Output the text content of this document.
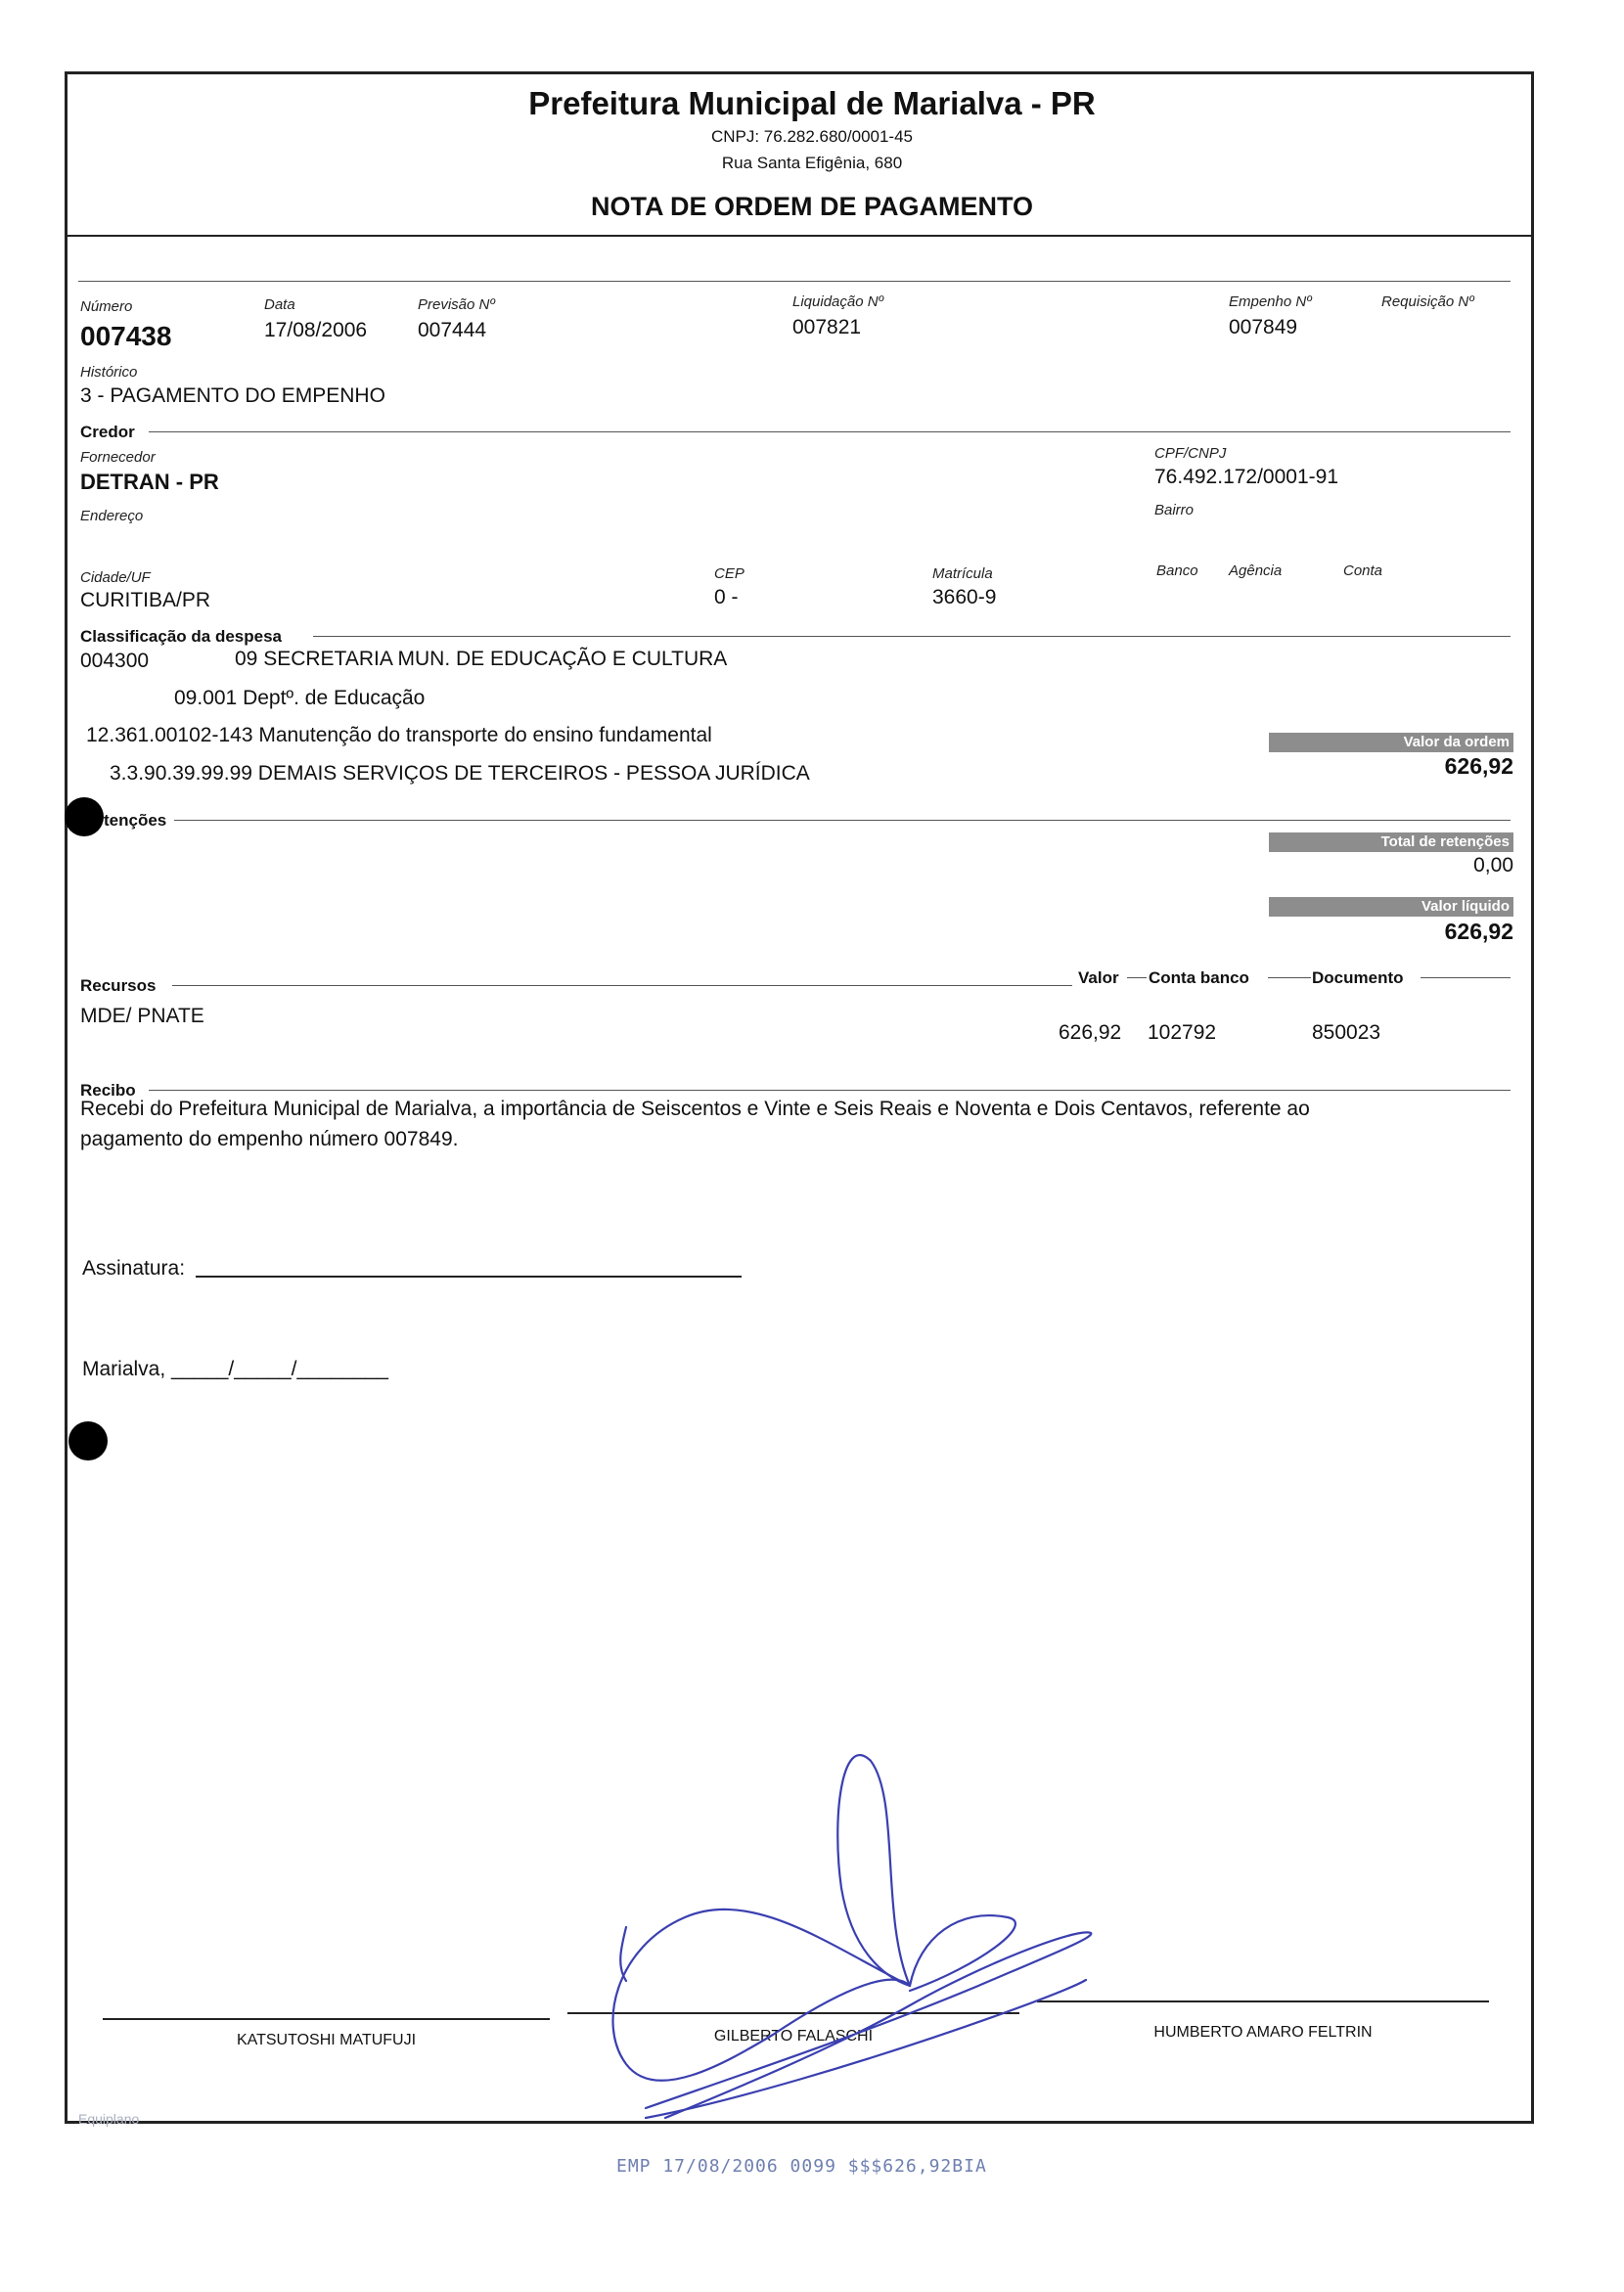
Prefeitura Municipal de Marialva - PR
CNPJ: 76.282.680/0001-45
Rua Santa Efigênia, 680
NOTA DE ORDEM DE PAGAMENTO
Número
007438
Data
17/08/2006
Previsão Nº
007444
Liquidação Nº
007821
Empenho Nº
007849
Requisição Nº
Histórico
3 - PAGAMENTO DO EMPENHO
Credor
Fornecedor
DETRAN - PR
CPF/CNPJ
76.492.172/0001-91
Endereço	Bairro
Cidade/UF
CURITIBA/PR
CEP
0 -
Matrícula
3660-9
Banco Agência	Conta
Classificação da despesa
004300	09 SECRETARIA MUN. DE EDUCAÇÃO E CULTURA
09.001 Deptº. de Educação
12.361.00102-143 Manutenção do transporte do ensino fundamental
3.3.90.39.99.99 DEMAIS SERVIÇOS DE TERCEIROS - PESSOA JURÍDICA
Valor da ordem
626,92
tenções
Total de retenções
0,00
Valor líquido
626,92
Recursos	Valor Conta banco	Documento
MDE/ PNATE
626,92 102792	850023
Recibo
Recebi do Prefeitura Municipal de Marialva, a importância de Seiscentos e Vinte e Seis Reais e Noventa e Dois Centavos, referente ao
pagamento do empenho número 007849.
Assinatura:
Marialva, _____/_____/________
KATSUTOSHI MATUFUJI	GILBERTO FALASCHI	HUMBERTO AMARO FELTRIN
Equiplano
EMP 17/08/2006 0099 $$$626,92BIA
